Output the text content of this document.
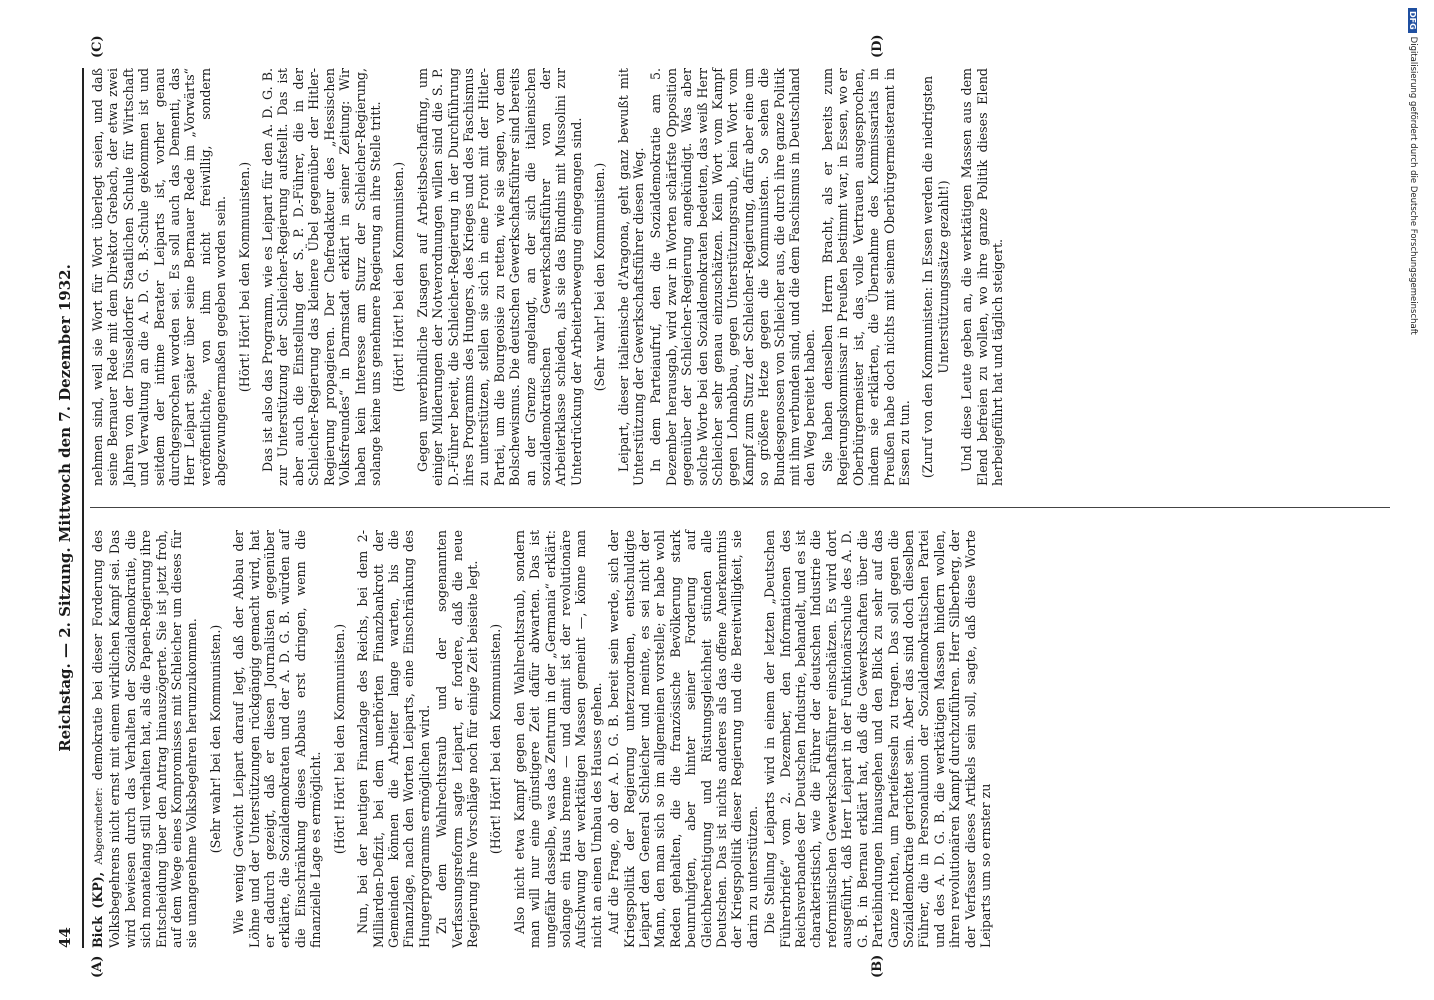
44
Reichstag. — 2. Sitzung. Mittwoch den 7. Dezember 1932.
(A)	(B)
(C)	(D)

Bick (KP), Abgeordneter: demokratie bei dieser Forderung des Volksbegehrens nicht ernst mit einem wirklichen Kampf sei. Das wird bewiesen durch das Verhalten der Sozialdemokratie, die sich monatelang still verhalten hat, als die Papen-Regierung ihre Entscheidung über den Antrag hinauszögerte. Sie ist jetzt froh, auf dem Wege eines Kompromisses mit Schleicher um dieses für sie unangenehme Volksbegehren herumzukommen. (Sehr wahr! bei den Kommunisten.) Wie wenig Gewicht Leipart darauf legt, daß der Abbau der Löhne und der Unterstützungen rückgängig gemacht wird, hat er dadurch gezeigt, daß er diesen Journalisten gegenüber erklärte, die Sozialdemokraten und der A. D. G. B. würden auf die Einschränkung dieses Abbaus erst dringen, wenn die finanzielle Lage es ermöglicht. (Hört! Hört! bei den Kommunisten.) Nun, bei der heutigen Finanzlage des Reichs, bei dem 2-Milliarden-Defizit, bei dem unerhörten Finanzbankrott der Gemeinden können die Arbeiter lange warten, bis die Finanzlage, nach den Worten Leiparts, eine Einschränkung des Hungerprogramms ermöglichen wird. Zu dem Wahlrechtsraub und der sogenannten Verfassungsreform sagte Leipart, er fordere, daß die neue Regierung ihre Vorschläge noch für einige Zeit beiseite legt. (Hört! Hört! bei den Kommunisten.) Also nicht etwa Kampf gegen den Wahlrechtsraub, sondern man will nur eine günstigere Zeit dafür abwarten. Das ist ungefähr dasselbe, was das Zentrum in der „Germania“ erklärt: solange ein Haus brenne — und damit ist der revolutionäre Aufschwung der werktätigen Massen gemeint —, könne man nicht an einen Umbau des Hauses gehen. Auf die Frage, ob der A. D. G. B. bereit sein werde, sich der Kriegspolitik der Regierung unterzuordnen, entschuldigte Leipart den General Schleicher und meinte, es sei nicht der Mann, den man sich so im allgemeinen vorstelle; er habe wohl Reden gehalten, die die französische Bevölkerung stark beunruhigten, aber hinter seiner Forderung auf Gleichberechtigung und Rüstungsgleichheit stünden alle Deutschen. Das ist nichts anderes als das offene Anerkenntnis der Kriegspolitik dieser Regierung und die Bereitwilligkeit, sie darin zu unterstützen. Die Stellung Leiparts wird in einem der letzten „Deutschen Führerbriefe“ vom 2. Dezember, den Informationen des Reichsverbandes der Deutschen Industrie, behandelt, und es ist charakteristisch, wie die Führer der deutschen Industrie die reformistischen Gewerkschaftsführer einschätzen. Es wird dort ausgeführt, daß Herr Leipart in der Funktionärschule des A. D. G. B. in Bernau erklärt hat, daß die Gewerkschaften über die Parteibindungen hinausgehen und den Blick zu sehr auf das Ganze richten, um Parteifesseln zu tragen. Das soll gegen die Sozialdemokratie gerichtet sein. Aber das sind doch dieselben Führer, die in Personalunion der Sozialdemokratischen Partei und des A. D. G. B. die werktätigen Massen hindern wollen, ihren revolutionären Kampf durchzuführen. Herr Silberberg, der der Verfasser dieses Artikels sein soll, sagte, daß diese Worte Leiparts um so ernster zu

nehmen sind, weil sie Wort für Wort überlegt seien, und daß seine Bernauer Rede mit dem Direktor Grebach, der etwa zwei Jahren von der Düsseldorfer Staatlichen Schule für Wirtschaft und Verwaltung an die A. D. G. B.-Schule gekommen ist und seitdem der intime Berater Leiparts ist, vorher genau durchgesprochen worden sei. Es soll auch das Dementi, das Herr Leipart später über seine Bernauer Rede im „Vorwärts“ veröffentlichte, von ihm nicht freiwillig, sondern abgezwungenermaßen gegeben worden sein. (Hört! Hört! bei den Kommunisten.) Das ist also das Programm, wie es Leipart für den A. D. G. B. zur Unterstützung der Schleicher-Regierung aufstellt. Das ist aber auch die Einstellung der S. P. D.-Führer, die in der Schleicher-Regierung das kleinere Übel gegenüber der Hitler-Regierung propagieren. Der Chefredakteur des „Hessischen Volksfreundes“ in Darmstadt erklärt in seiner Zeitung: Wir haben kein Interesse am Sturz der Schleicher-Regierung, solange keine uns genehmere Regierung an ihre Stelle tritt. (Hört! Hört! bei den Kommunisten.) Gegen unverbindliche Zusagen auf Arbeitsbeschaffung, um einiger Milderungen der Notverordnungen willen sind die S. P. D.-Führer bereit, die Schleicher-Regierung in der Durchführung ihres Programms des Hungers, des Krieges und des Faschismus zu unterstützen, stellen sie sich in eine Front mit der Hitler-Partei, um die Bourgeoisie zu retten, wie sie sagen, vor dem Bolschewismus. Die deutschen Gewerkschaftsführer sind bereits an der Grenze angelangt, an der sich die italienischen sozialdemokratischen Gewerkschaftsführer von der Arbeiterklasse schieden, als sie das Bündnis mit Mussolini zur Unterdrückung der Arbeiterbewegung eingegangen sind. (Sehr wahr! bei den Kommunisten.) Leipart, dieser italienische d'Aragona, geht ganz bewußt mit Unterstützung der Gewerkschaftsführer diesen Weg. In dem Parteiaufruf, den die Sozialdemokratie am 5. Dezember herausgab, wird zwar in Worten schärfste Opposition gegenüber der Schleicher-Regierung angekündigt. Was aber solche Worte bei den Sozialdemokraten bedeuten, das weiß Herr Schleicher sehr genau einzuschätzen. Kein Wort vom Kampf gegen Lohnabbau, gegen Unterstützungsraub, kein Wort vom Kampf zum Sturz der Schleicher-Regierung, dafür aber eine um so größere Hetze gegen die Kommunisten. So sehen die Bundesgenossen von Schleicher aus, die durch ihre ganze Politik mit ihm verbunden sind, und die dem Faschismus in Deutschland den Weg bereitet haben. Sie haben denselben Herrn Bracht, als er bereits zum Regierungskommissar in Preußen bestimmt war, in Essen, wo er Oberbürgermeister ist, das volle Vertrauen ausgesprochen, indem sie erklärten, die Übernahme des Kommissariats in Preußen habe doch nichts mit seinem Oberbürgermeisteramt in Essen zu tun. (Zuruf von den Kommunisten: In Essen werden die niedrigsten Unterstützungssätze gezahlt!) Und diese Leute geben an, die werktätigen Massen aus dem Elend befreien zu wollen, wo ihre ganze Politik dieses Elend herbeigeführt hat und täglich steigert.

DFG
Digitalisierung gefördert durch die Deutsche Forschungsgemeinschaft
